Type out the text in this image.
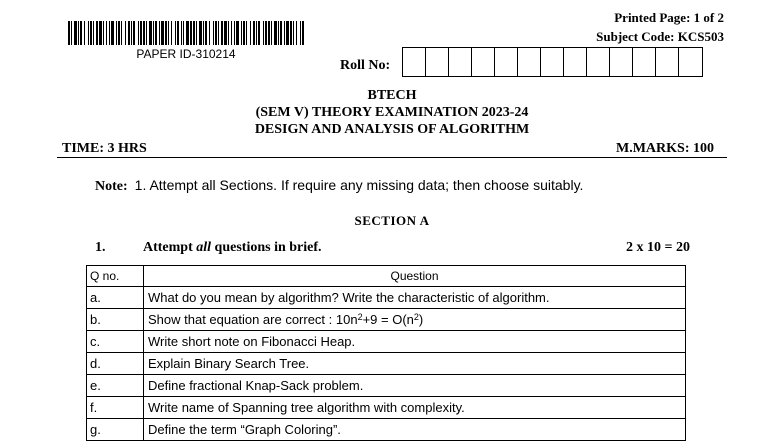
PAPER ID-310214
Printed Page: 1 of 2
Subject Code: KCS503
Roll No:
BTECH
(SEM V) THEORY EXAMINATION 2023-24
DESIGN AND ANALYSIS OF ALGORITHM
TIME: 3 HRS	M.MARKS: 100
Note: 1. Attempt all Sections. If require any missing data; then choose suitably.
SECTION A
1.	Attempt all questions in brief.	2 x 10 = 20
Q no.	Question
a.	What do you mean by algorithm? Write the characteristic of algorithm.
b.	Show that equation are correct : $10n^2+9 = O(n^2)$
c.	Write short note on Fibonacci Heap.
d.	Explain Binary Search Tree.
e.	Define fractional Knap-Sack problem.
f.	Write name of Spanning tree algorithm with complexity.
g.	Define the term “Graph Coloring”.
